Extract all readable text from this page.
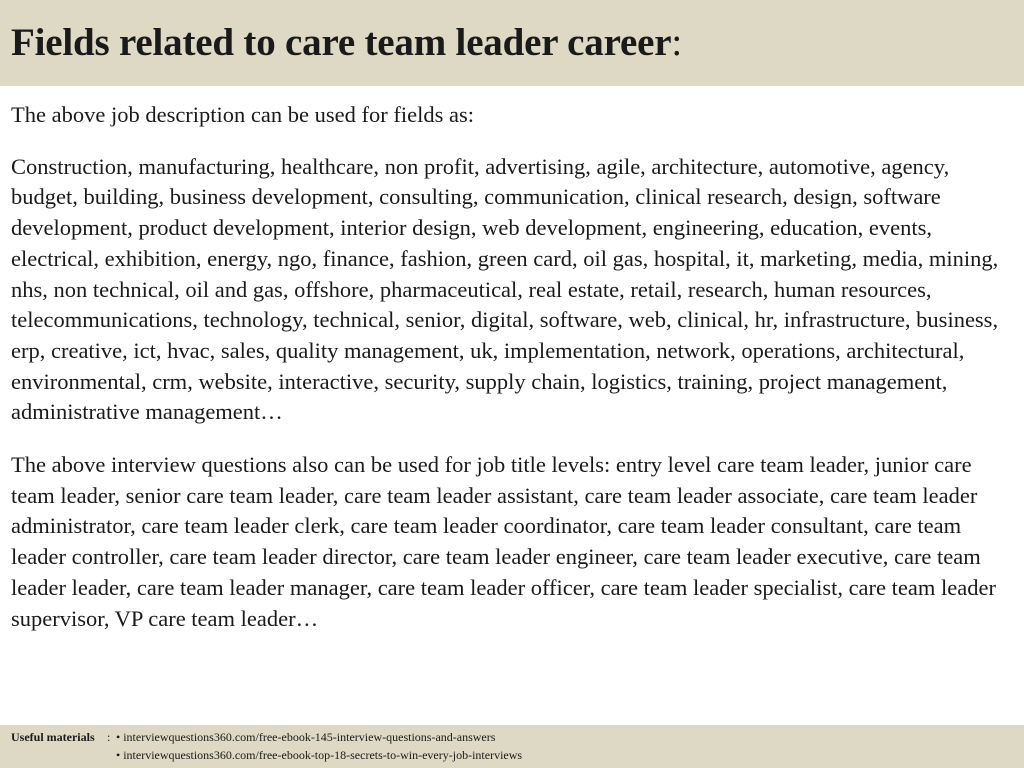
Fields related to care team leader career:

The above job description can be used for fields as:

Construction, manufacturing, healthcare, non profit, advertising, agile, architecture, automotive, agency, budget, building, business development, consulting, communication, clinical research, design, software development, product development, interior design, web development, engineering, education, events, electrical, exhibition, energy, ngo, finance, fashion, green card, oil gas, hospital, it, marketing, media, mining, nhs, non technical, oil and gas, offshore, pharmaceutical, real estate, retail, research, human resources, telecommunications, technology, technical, senior, digital, software, web, clinical, hr, infrastructure, business, erp, creative, ict, hvac, sales, quality management, uk, implementation, network, operations, architectural, environmental, crm, website, interactive, security, supply chain, logistics, training, project management, administrative management…

The above interview questions also can be used for job title levels: entry level care team leader, junior care team leader, senior care team leader, care team leader assistant, care team leader associate, care team leader administrator, care team leader clerk, care team leader coordinator, care team leader consultant, care team leader controller, care team leader director, care team leader engineer, care team leader executive, care team leader leader, care team leader manager, care team leader officer, care team leader specialist, care team leader supervisor, VP care team leader…

Useful materials : • interviewquestions360.com/free-ebook-145-interview-questions-and-answers
• interviewquestions360.com/free-ebook-top-18-secrets-to-win-every-job-interviews
